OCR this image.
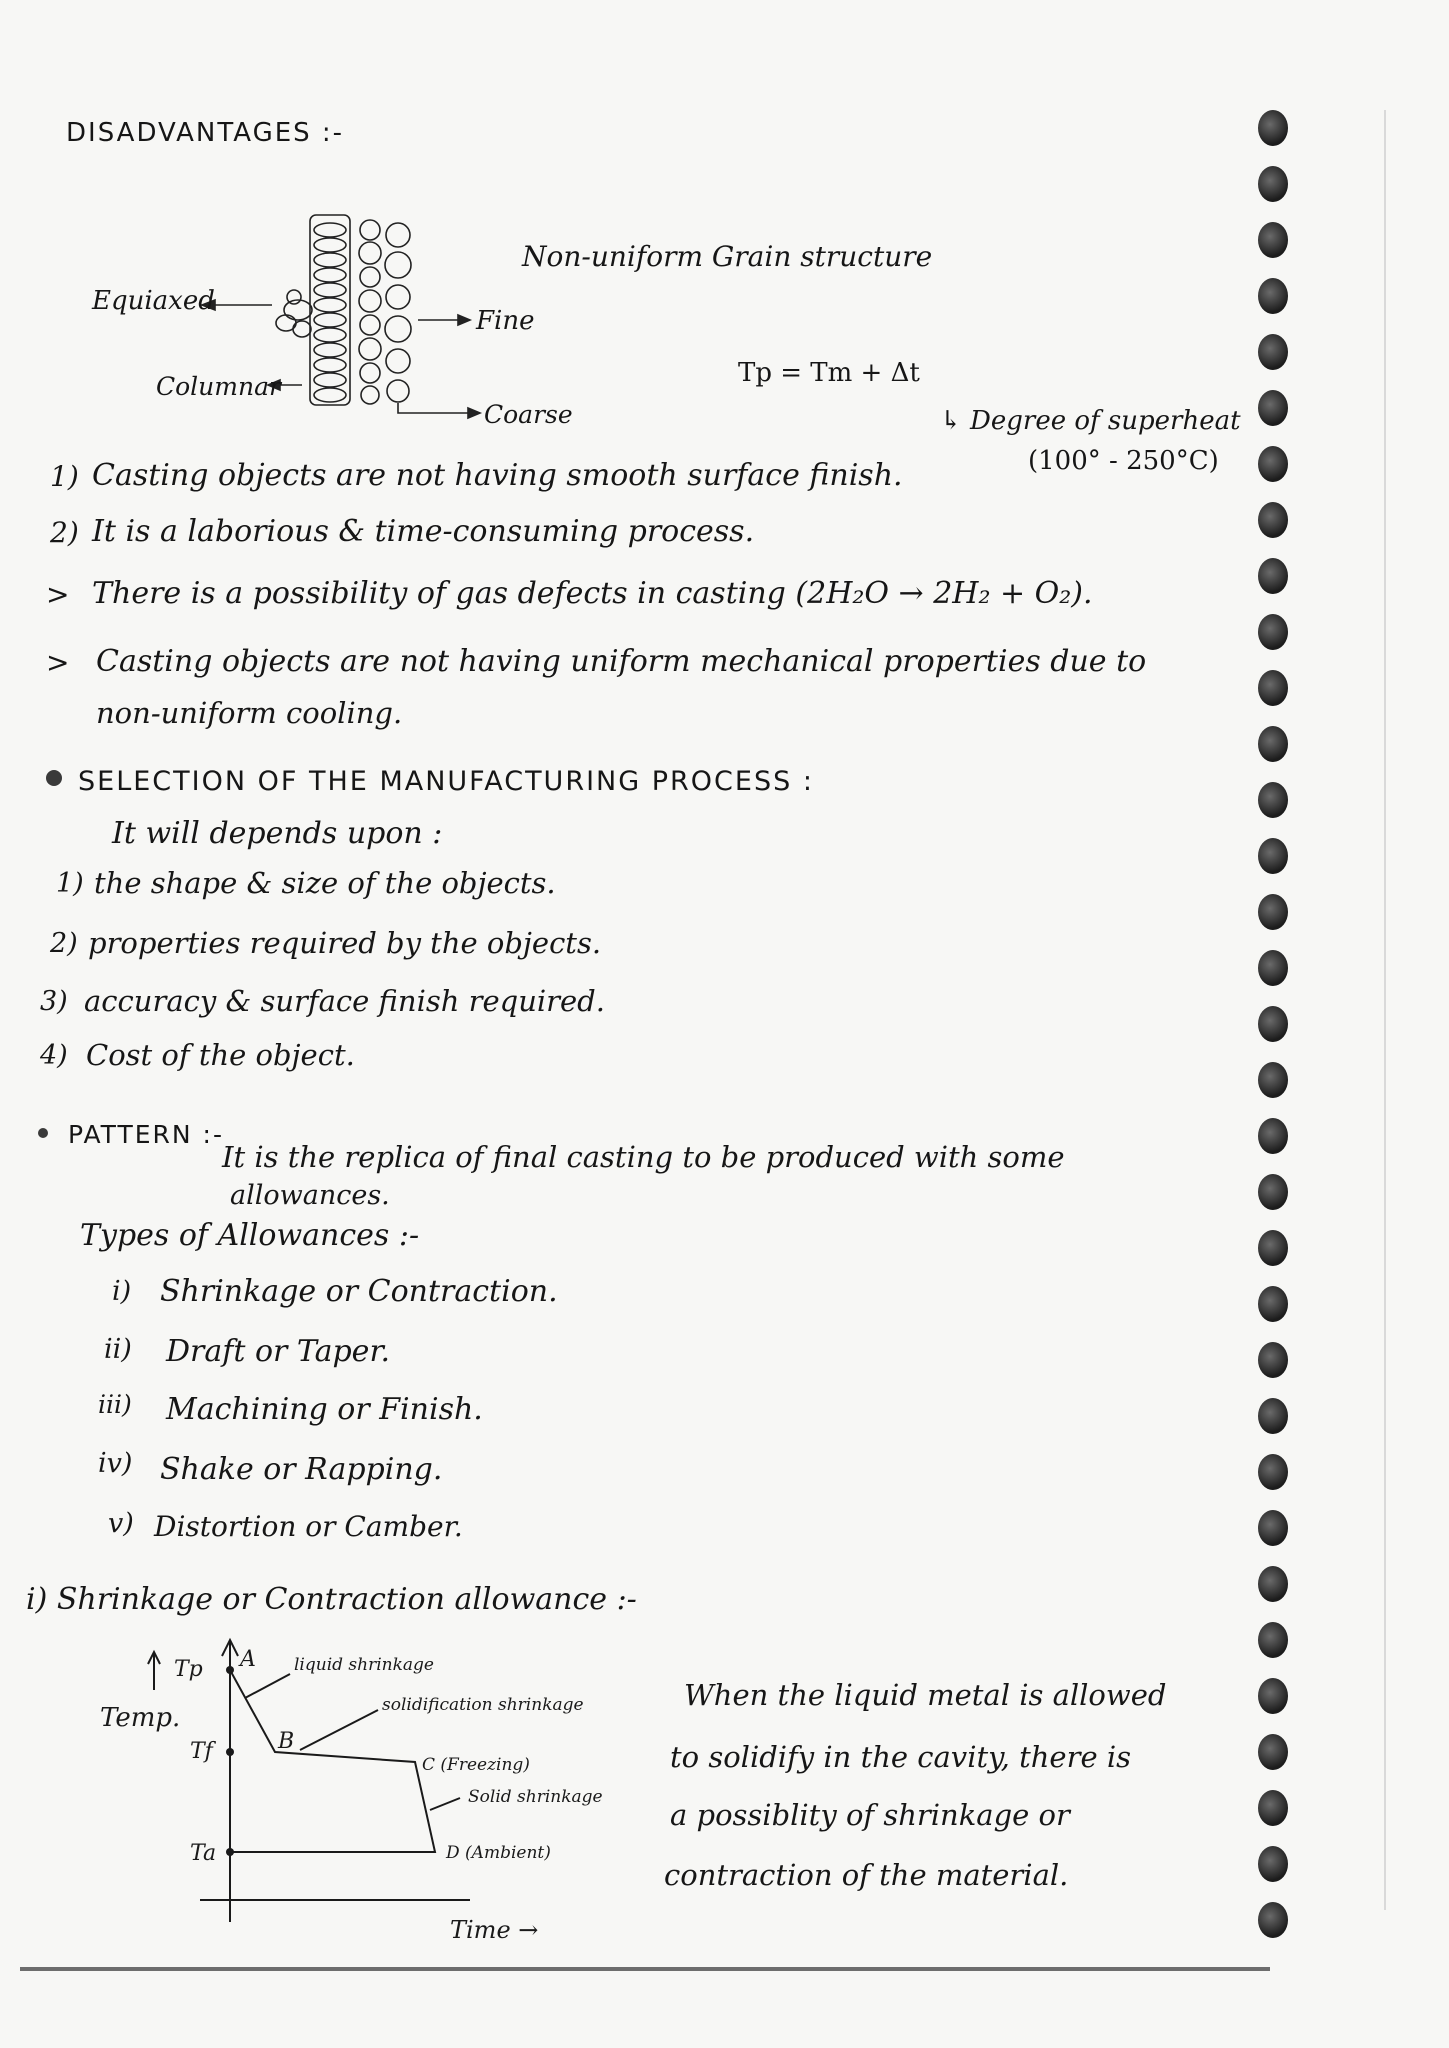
DISADVANTAGES :-
Non-uniform Grain structure
Equiaxed
Fine
Columnar
Coarse
Tp = Tm + Δt
↳ Degree of superheat
(100° - 250°C)
1) Casting objects are not having smooth surface finish.
2) It is a laborious & time-consuming process.
> There is a possibility of gas defects in casting (2H₂O → 2H₂ + O₂).
> Casting objects are not having uniform mechanical properties due to
non-uniform cooling.
SELECTION OF THE MANUFACTURING PROCESS :
It will depends upon :
1) the shape & size of the objects.
2) properties required by the objects.
3) accuracy & surface finish required.
4) Cost of the object.
PATTERN :-
It is the replica of final casting to be produced with some
allowances.
Types of Allowances :-
i) Shrinkage or Contraction.
ii) Draft or Taper.
iii) Machining or Finish.
iv) Shake or Rapping.
v) Distortion or Camber.
i) Shrinkage or Contraction allowance :-
Temp.
Tp
Tf
Ta
A
B
C (Freezing)
D (Ambient)
liquid shrinkage
solidification shrinkage
Solid shrinkage
Time →
When the liquid metal is allowed
to solidify in the cavity, there is
a possiblity of shrinkage or
contraction of the material.
